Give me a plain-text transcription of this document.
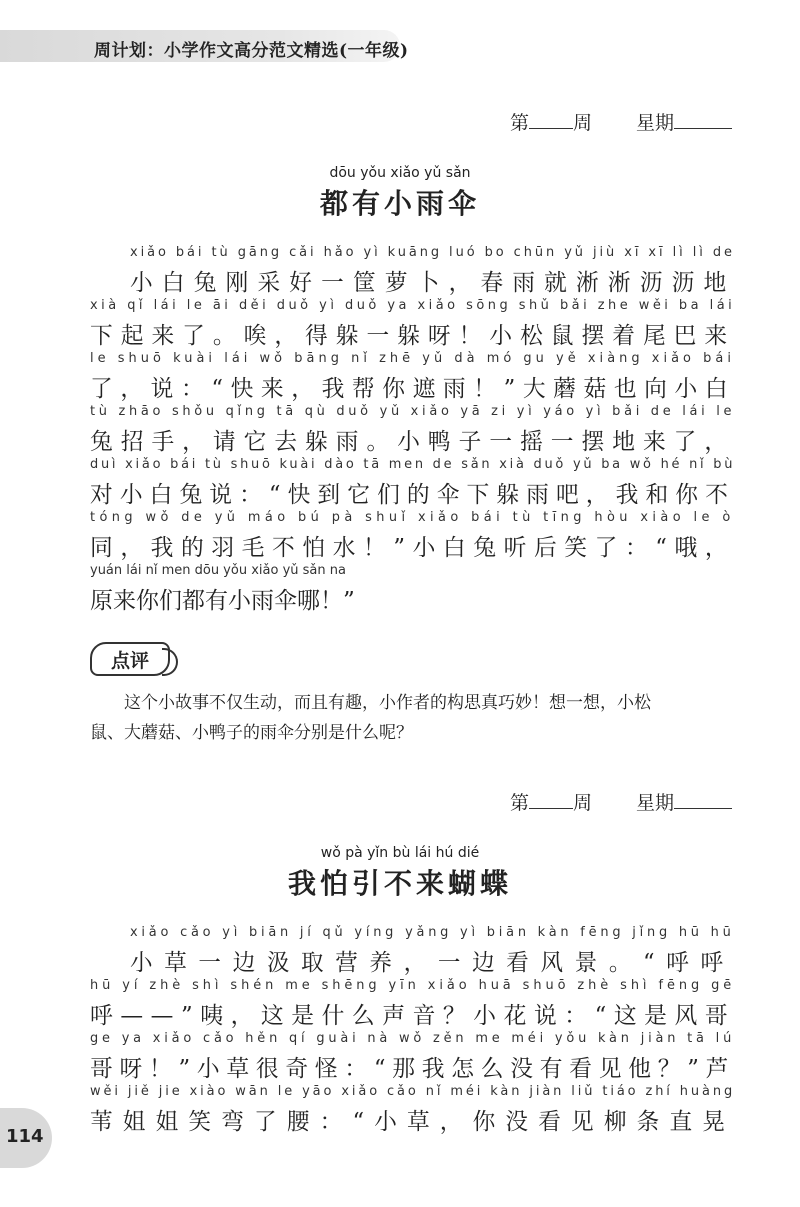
周计划：小学作文高分范文精选(一年级)
第 周 星期
dōu yǒu xiǎo yǔ sǎn
都有小雨伞
xiǎo bái tù gāng cǎi hǎo yì kuāng luó bo chūn yǔ jiù xī xī lì lì de
小白兔刚采好一筐萝卜，春雨就淅淅沥沥地
xià qǐ lái le āi děi duǒ yì duǒ ya xiǎo sōng shǔ bǎi zhe wěi ba lái
下起来了。唉，得躲一躲呀！小松鼠摆着尾巴来
le shuō kuài lái wǒ bāng nǐ zhē yǔ dà mó gu yě xiàng xiǎo bái
了，说：“快来，我帮你遮雨！”大蘑菇也向小白
tù zhāo shǒu qǐng tā qù duǒ yǔ xiǎo yā zi yì yáo yì bǎi de lái le
兔招手，请它去躲雨。小鸭子一摇一摆地来了，
duì xiǎo bái tù shuō kuài dào tā men de sǎn xià duǒ yǔ ba wǒ hé nǐ bù
对小白兔说：“快到它们的伞下躲雨吧，我和你不
tóng wǒ de yǔ máo bú pà shuǐ xiǎo bái tù tīng hòu xiào le ò
同，我的羽毛不怕水！”小白兔听后笑了：“哦，
yuán lái nǐ men dōu yǒu xiǎo yǔ sǎn na
原来你们都有小雨伞哪！”
点评
这个小故事不仅生动，而且有趣，小作者的构思真巧妙！想一想，小松
鼠、大蘑菇、小鸭子的雨伞分别是什么呢？
第 周 星期
wǒ pà yǐn bù lái hú dié
我怕引不来蝴蝶
xiǎo cǎo yì biān jí qǔ yíng yǎng yì biān kàn fēng jǐng hū hū
小草一边汲取营养，一边看风景。“呼呼
hū yí zhè shì shén me shēng yīn xiǎo huā shuō zhè shì fēng gē
呼——”咦，这是什么声音？小花说：“这是风哥
ge ya xiǎo cǎo hěn qí guài nà wǒ zěn me méi yǒu kàn jiàn tā lú
哥呀！”小草很奇怪：“那我怎么没有看见他？”芦
wěi jiě jie xiào wān le yāo xiǎo cǎo nǐ méi kàn jiàn liǔ tiáo zhí huàng
苇姐姐笑弯了腰：“小草，你没看见柳条直晃
114
